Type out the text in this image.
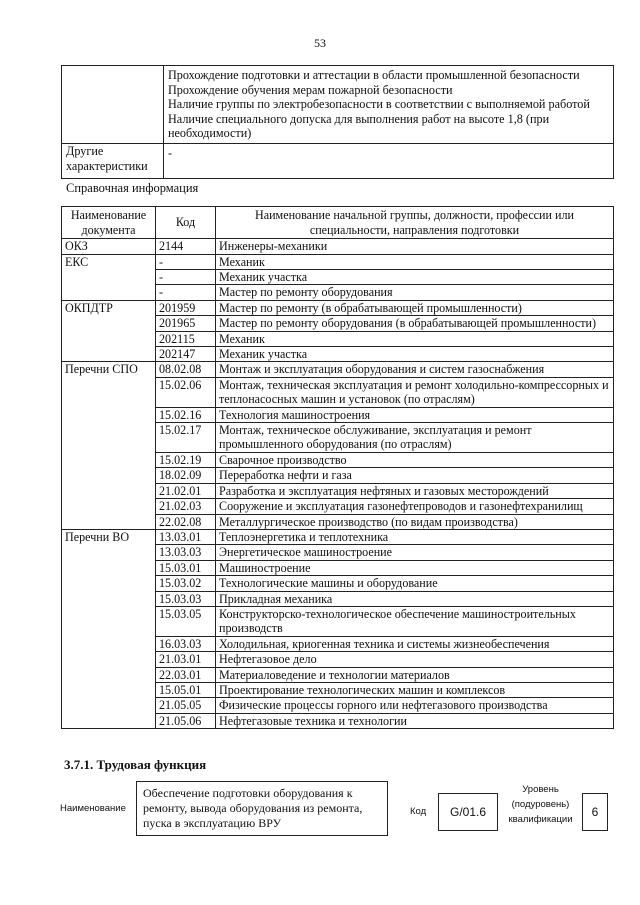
53

	Прохождение подготовки и аттестации в области промышленной безопасности
Прохождение обучения мерам пожарной безопасности
Наличие группы по электробезопасности в соответствии с выполняемой работой
Наличие специального допуска для выполнения работ на высоте 1,8 (при необходимости)

Другие характеристики	-
Справочная информация
Наименование документа	Код	Наименование начальной группы, должности, профессии или специальности, направления подготовки
ОКЗ	2144	Инженеры-механики
ЕКС	-	Механик
	-	Механик участка
	-	Мастер по ремонту оборудования
ОКПДТР	201959	Мастер по ремонту (в обрабатывающей промышленности)
	201965	Мастер по ремонту оборудования (в обрабатывающей промышленности)
	202115	Механик
	202147	Механик участка
Перечни СПО	08.02.08	Монтаж и эксплуатация оборудования и систем газоснабжения
	15.02.06	Монтаж, техническая эксплуатация и ремонт холодильно-компрессорных и теплонасосных машин и установок (по отраслям)
	15.02.16	Технология машиностроения
	15.02.17	Монтаж, техническое обслуживание, эксплуатация и ремонт промышленного оборудования (по отраслям)
	15.02.19	Сварочное производство
	18.02.09	Переработка нефти и газа
	21.02.01	Разработка и эксплуатация нефтяных и газовых месторождений
	21.02.03	Сооружение и эксплуатация газонефтепроводов и газонефтехранилищ
	22.02.08	Металлургическое производство (по видам производства)
Перечни ВО	13.03.01	Теплоэнергетика и теплотехника
	13.03.03	Энергетическое машиностроение
	15.03.01	Машиностроение
	15.03.02	Технологические машины и оборудование
	15.03.03	Прикладная механика
	15.03.05	Конструкторско-технологическое обеспечение машиностроительных производств
	16.03.03	Холодильная, криогенная техника и системы жизнеобеспечения
	21.03.01	Нефтегазовое дело
	22.03.01	Материаловедение и технологии материалов
	15.05.01	Проектирование технологических машин и комплексов
	21.05.05	Физические процессы горного или нефтегазового производства
	21.05.06	Нефтегазовые техника и технологии
3.7.1. Трудовая функция
Наименование
Обеспечение подготовки оборудования к ремонту, вывода оборудования из ремонта, пуска в эксплуатацию ВРУ
Код	G/01.6
Уровень (подуровень) квалификации
6
